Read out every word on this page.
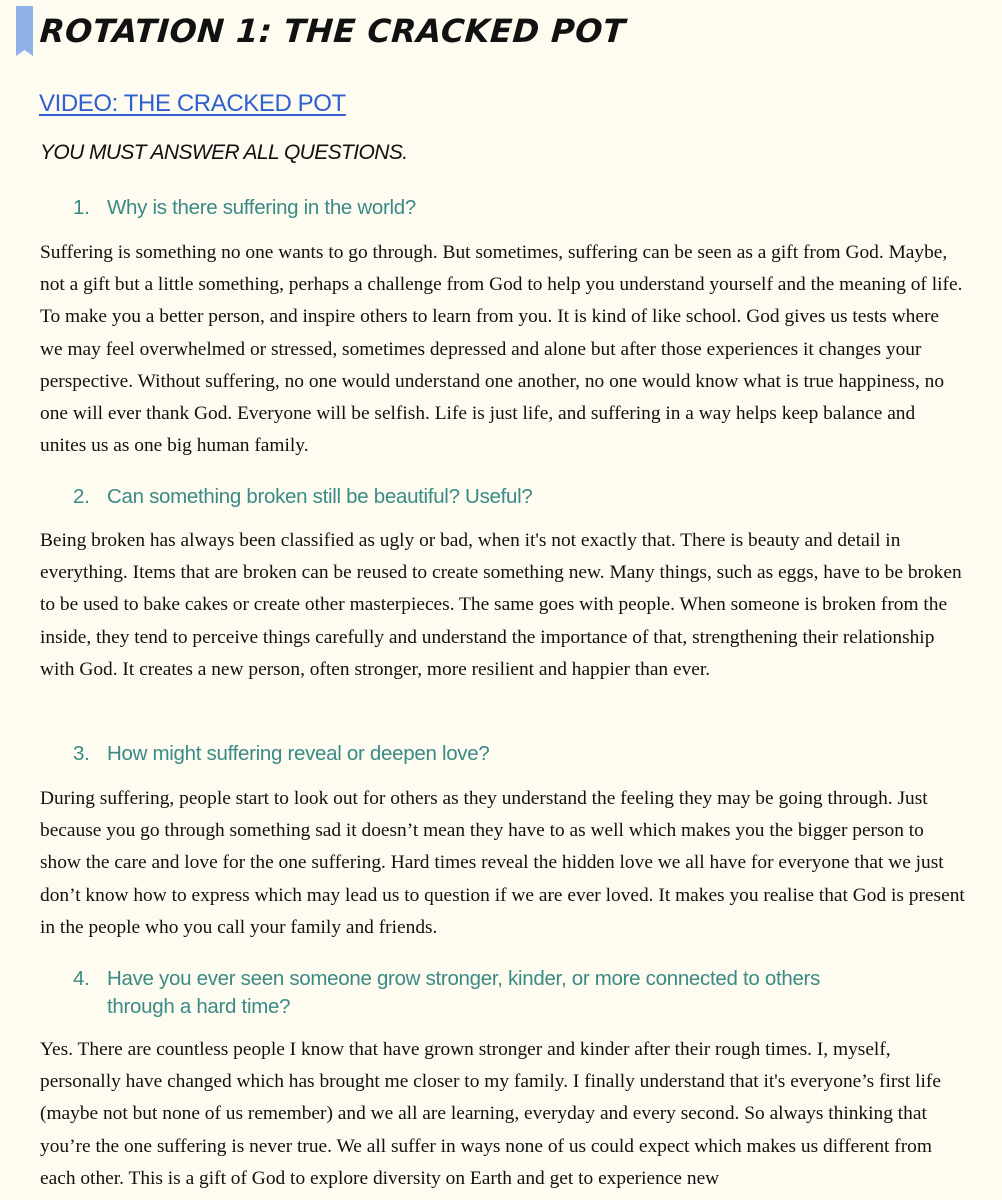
ROTATION 1: THE CRACKED POT
VIDEO: THE CRACKED POT
YOU MUST ANSWER ALL QUESTIONS.
1. Why is there suffering in the world?

Suffering is something no one wants to go through. But sometimes, suffering can be seen as a gift from God. Maybe, not a gift but a little something, perhaps a challenge from God to help you understand yourself and the meaning of life. To make you a better person, and inspire others to learn from you. It is kind of like school. God gives us tests where we may feel overwhelmed or stressed, sometimes depressed and alone but after those experiences it changes your perspective. Without suffering, no one would understand one another, no one would know what is true happiness, no one will ever thank God. Everyone will be selfish. Life is just life, and suffering in a way helps keep balance and unites us as one big human family.

2. Can something broken still be beautiful? Useful?

Being broken has always been classified as ugly or bad, when it's not exactly that. There is beauty and detail in everything. Items that are broken can be reused to create something new. Many things, such as eggs, have to be broken to be used to bake cakes or create other masterpieces. The same goes with people. When someone is broken from the inside, they tend to perceive things carefully and understand the importance of that, strengthening their relationship with God. It creates a new person, often stronger, more resilient and happier than ever.

3. How might suffering reveal or deepen love?

During suffering, people start to look out for others as they understand the feeling they may be going through. Just because you go through something sad it doesn’t mean they have to as well which makes you the bigger person to show the care and love for the one suffering. Hard times reveal the hidden love we all have for everyone that we just don’t know how to express which may lead us to question if we are ever loved. It makes you realise that God is present in the people who you call your family and friends.

4. Have you ever seen someone grow stronger, kinder, or more connected to others through a hard time?

Yes. There are countless people I know that have grown stronger and kinder after their rough times. I, myself, personally have changed which has brought me closer to my family. I finally understand that it's everyone’s first life (maybe not but none of us remember) and we all are learning, everyday and every second. So always thinking that you’re the one suffering is never true. We all suffer in ways none of us could expect which makes us different from each other. This is a gift of God to explore diversity on Earth and get to experience new
